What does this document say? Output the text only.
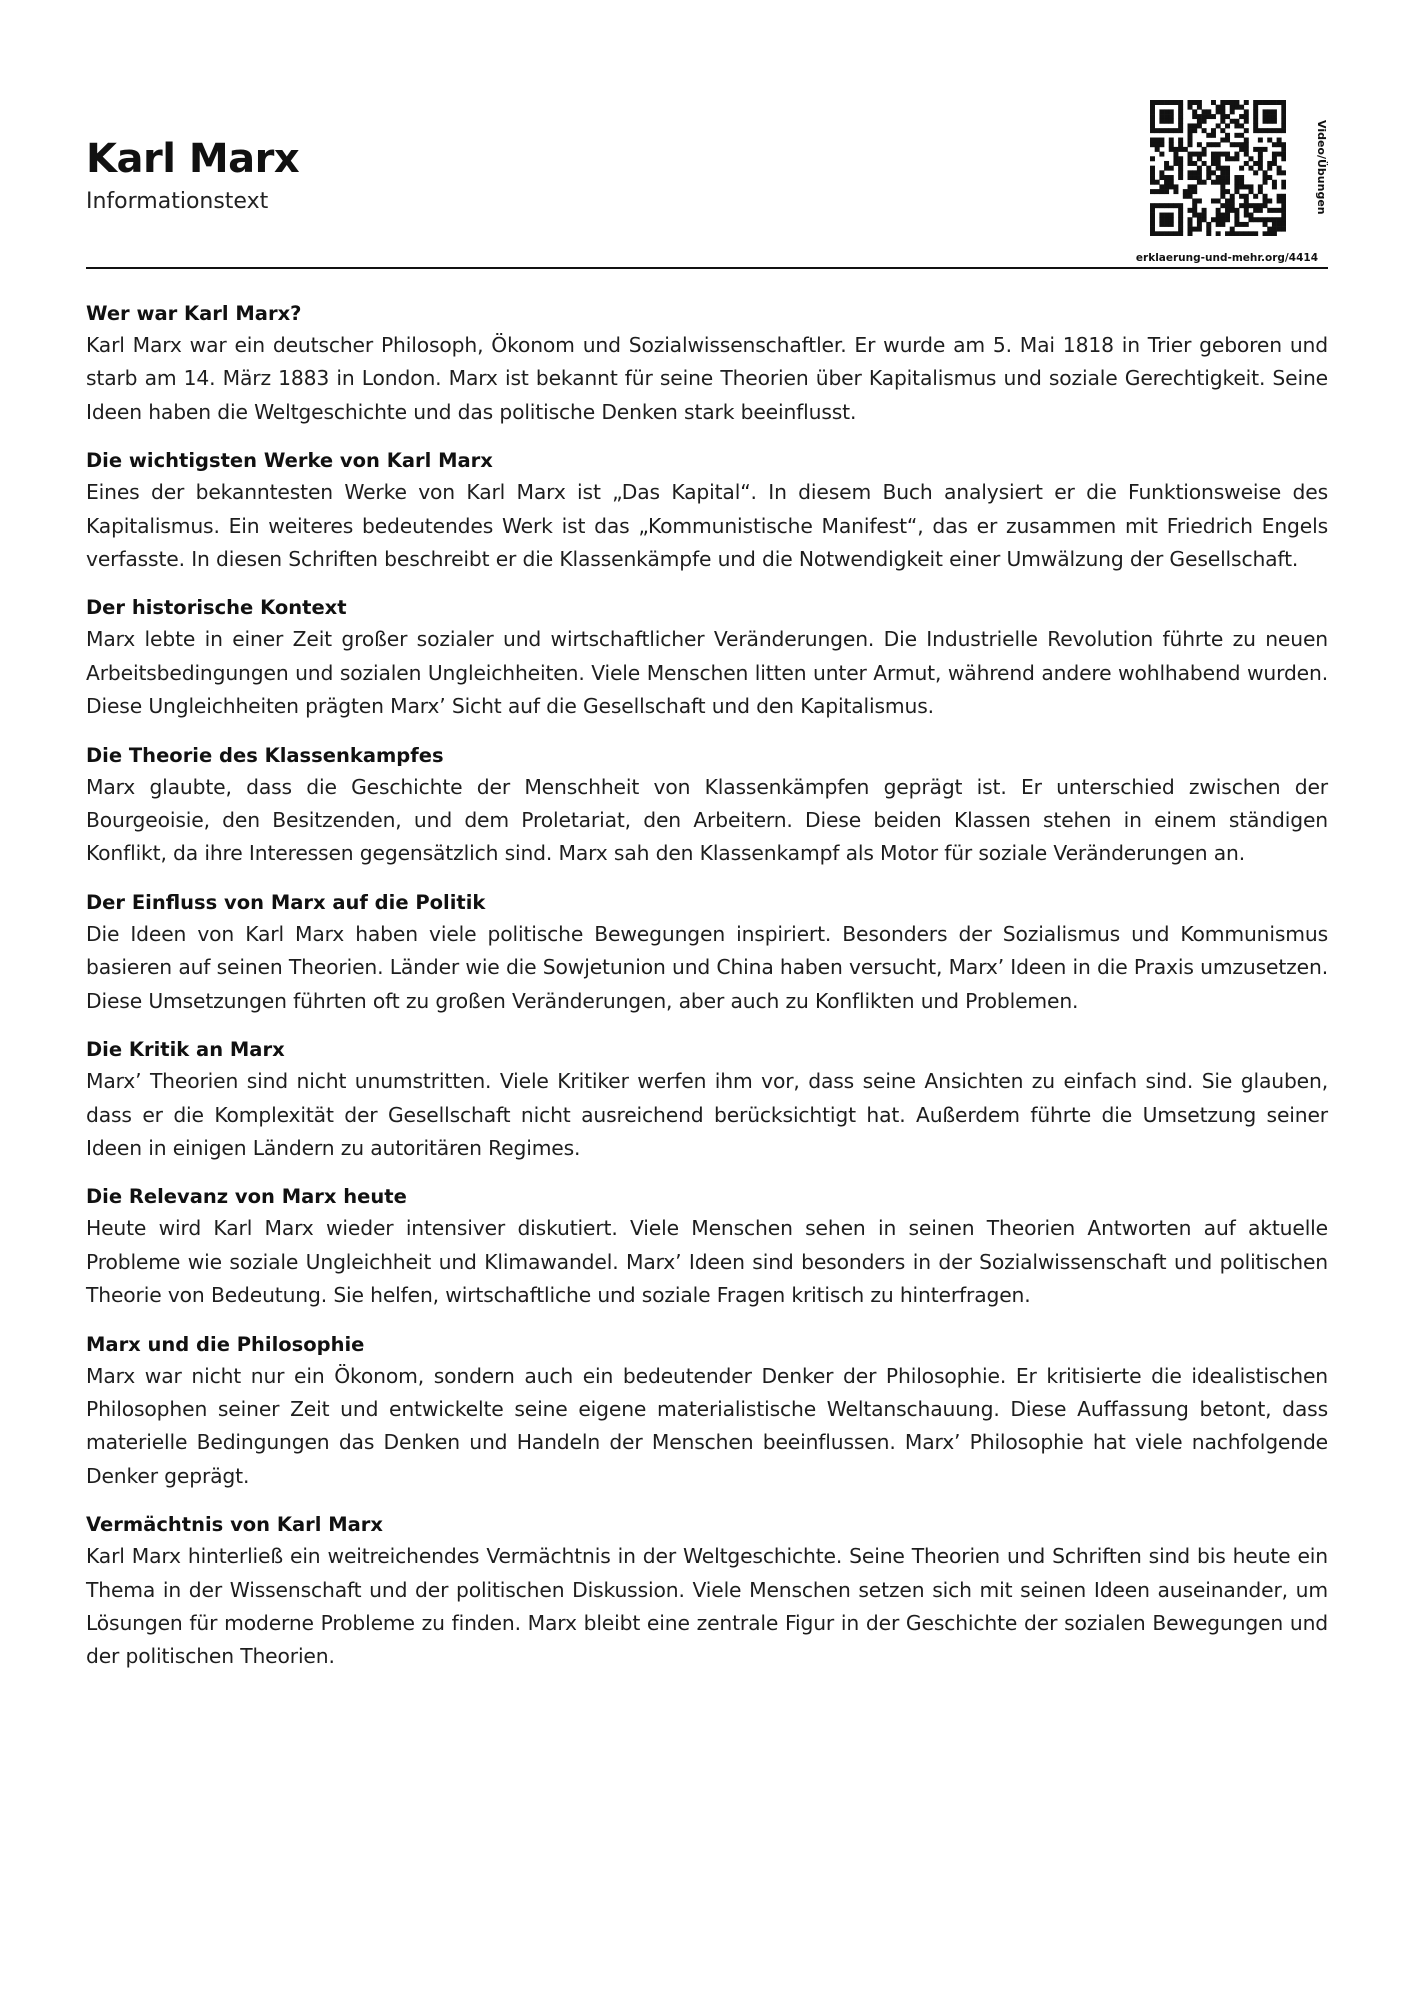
Karl Marx
Informationstext	Video/Übungen
erklaerung-und-mehr.org/4414
Wer war Karl Marx?

Karl Marx war ein deutscher Philosoph, Ökonom und Sozialwissenschaftler. Er wurde am 5. Mai 1818 in Trier geboren und starb am 14. März 1883 in London. Marx ist bekannt für seine Theorien über Kapitalismus und soziale Gerechtigkeit. Seine Ideen haben die Weltgeschichte und das politische Denken stark beeinflusst.

Die wichtigsten Werke von Karl Marx

Eines der bekanntesten Werke von Karl Marx ist „Das Kapital“. In diesem Buch analysiert er die Funktionsweise des Kapitalismus. Ein weiteres bedeutendes Werk ist das „Kommunistische Manifest“, das er zusammen mit Friedrich Engels verfasste. In diesen Schriften beschreibt er die Klassenkämpfe und die Notwendigkeit einer Umwälzung der Gesellschaft.

Der historische Kontext

Marx lebte in einer Zeit großer sozialer und wirtschaftlicher Veränderungen. Die Industrielle Revolution führte zu neuen Arbeitsbedingungen und sozialen Ungleichheiten. Viele Menschen litten unter Armut, während andere wohlhabend wurden. Diese Ungleichheiten prägten Marx’ Sicht auf die Gesellschaft und den Kapitalismus.

Die Theorie des Klassenkampfes

Marx glaubte, dass die Geschichte der Menschheit von Klassenkämpfen geprägt ist. Er unterschied zwischen der Bourgeoisie, den Besitzenden, und dem Proletariat, den Arbeitern. Diese beiden Klassen stehen in einem ständigen Konflikt, da ihre Interessen gegensätzlich sind. Marx sah den Klassenkampf als Motor für soziale Veränderungen an.

Der Einfluss von Marx auf die Politik

Die Ideen von Karl Marx haben viele politische Bewegungen inspiriert. Besonders der Sozialismus und Kommunismus basieren auf seinen Theorien. Länder wie die Sowjetunion und China haben versucht, Marx’ Ideen in die Praxis umzusetzen. Diese Umsetzungen führten oft zu großen Veränderungen, aber auch zu Konflikten und Problemen.

Die Kritik an Marx

Marx’ Theorien sind nicht unumstritten. Viele Kritiker werfen ihm vor, dass seine Ansichten zu einfach sind. Sie glauben, dass er die Komplexität der Gesellschaft nicht ausreichend berücksichtigt hat. Außerdem führte die Umsetzung seiner Ideen in einigen Ländern zu autoritären Regimes.

Die Relevanz von Marx heute

Heute wird Karl Marx wieder intensiver diskutiert. Viele Menschen sehen in seinen Theorien Antworten auf aktuelle Probleme wie soziale Ungleichheit und Klimawandel. Marx’ Ideen sind besonders in der Sozialwissenschaft und politischen Theorie von Bedeutung. Sie helfen, wirtschaftliche und soziale Fragen kritisch zu hinterfragen.

Marx und die Philosophie

Marx war nicht nur ein Ökonom, sondern auch ein bedeutender Denker der Philosophie. Er kritisierte die idealistischen Philosophen seiner Zeit und entwickelte seine eigene materialistische Weltanschauung. Diese Auffassung betont, dass materielle Bedingungen das Denken und Handeln der Menschen beeinflussen. Marx’ Philosophie hat viele nachfolgende Denker geprägt.

Vermächtnis von Karl Marx

Karl Marx hinterließ ein weitreichendes Vermächtnis in der Weltgeschichte. Seine Theorien und Schriften sind bis heute ein Thema in der Wissenschaft und der politischen Diskussion. Viele Menschen setzen sich mit seinen Ideen auseinander, um Lösungen für moderne Probleme zu finden. Marx bleibt eine zentrale Figur in der Geschichte der sozialen Bewegungen und der politischen Theorien.
